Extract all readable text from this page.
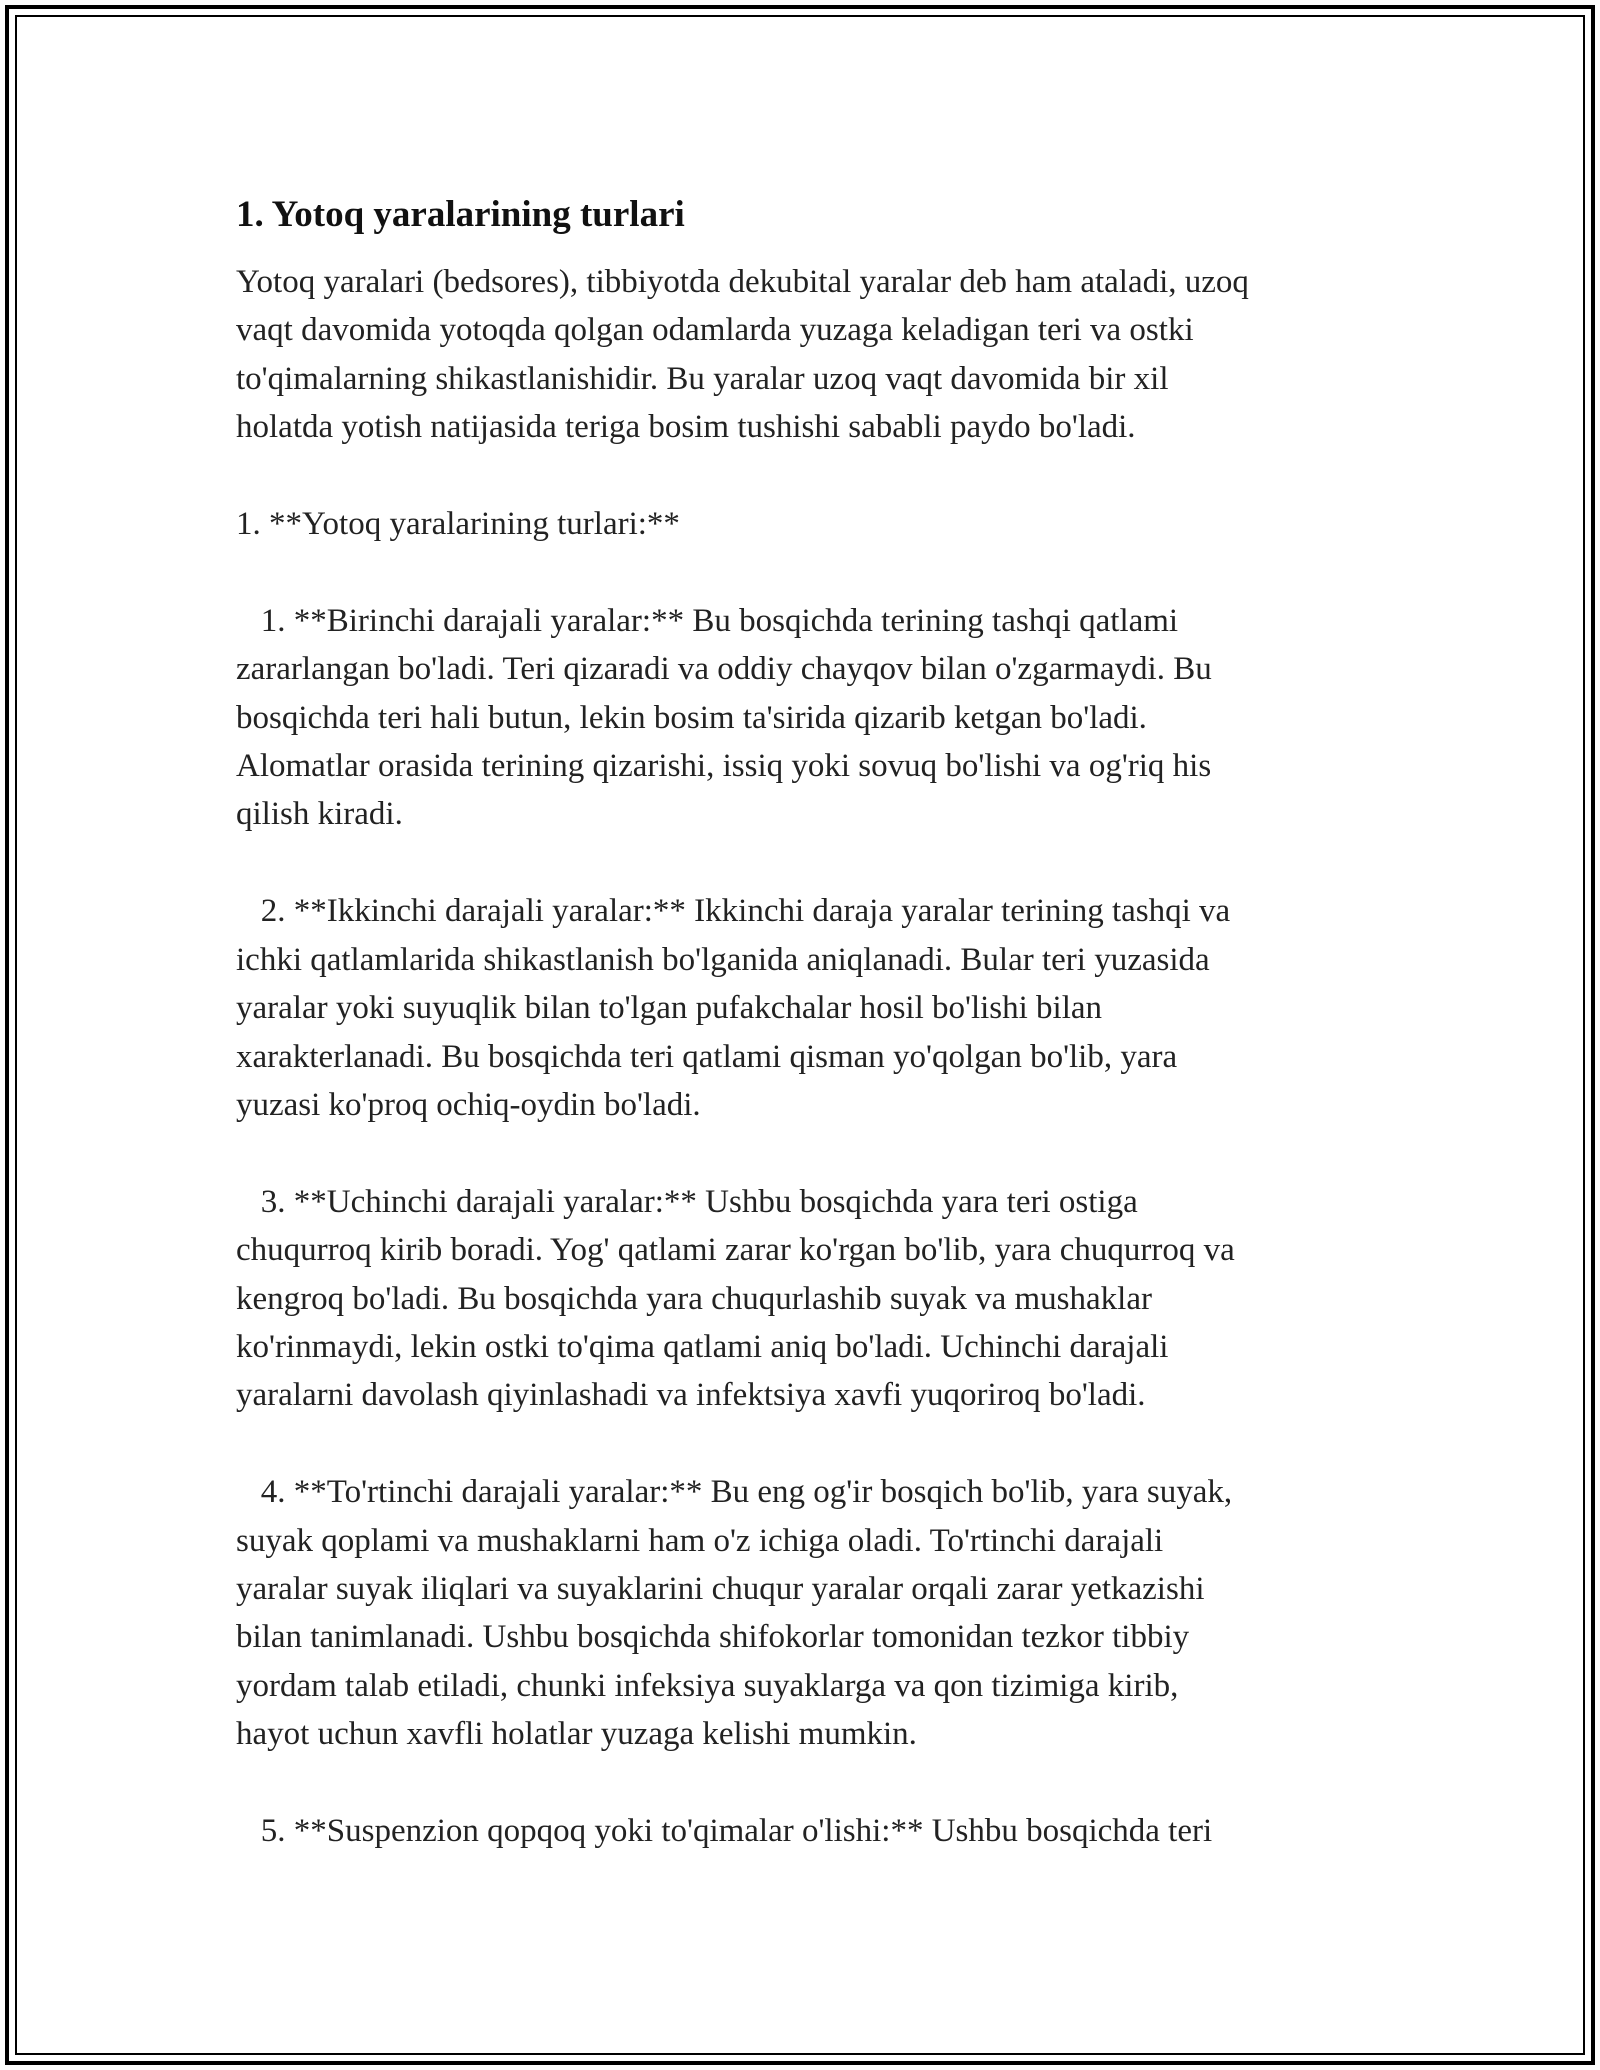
1. Yotoq yaralarining turlari

Yotoq yaralari (bedsores), tibbiyotda dekubital yaralar deb ham ataladi, uzoq
vaqt davomida yotoqda qolgan odamlarda yuzaga keladigan teri va ostki
to'qimalarning shikastlanishidir. Bu yaralar uzoq vaqt davomida bir xil
holatda yotish natijasida teriga bosim tushishi sababli paydo bo'ladi.

1. **Yotoq yaralarining turlari:**

1. **Birinchi darajali yaralar:** Bu bosqichda terining tashqi qatlami
zararlangan bo'ladi. Teri qizaradi va oddiy chayqov bilan o'zgarmaydi. Bu
bosqichda teri hali butun, lekin bosim ta'sirida qizarib ketgan bo'ladi.
Alomatlar orasida terining qizarishi, issiq yoki sovuq bo'lishi va og'riq his
qilish kiradi.

2. **Ikkinchi darajali yaralar:** Ikkinchi daraja yaralar terining tashqi va
ichki qatlamlarida shikastlanish bo'lganida aniqlanadi. Bular teri yuzasida
yaralar yoki suyuqlik bilan to'lgan pufakchalar hosil bo'lishi bilan
xarakterlanadi. Bu bosqichda teri qatlami qisman yo'qolgan bo'lib, yara
yuzasi ko'proq ochiq-oydin bo'ladi.

3. **Uchinchi darajali yaralar:** Ushbu bosqichda yara teri ostiga
chuqurroq kirib boradi. Yog' qatlami zarar ko'rgan bo'lib, yara chuqurroq va
kengroq bo'ladi. Bu bosqichda yara chuqurlashib suyak va mushaklar
ko'rinmaydi, lekin ostki to'qima qatlami aniq bo'ladi. Uchinchi darajali
yaralarni davolash qiyinlashadi va infektsiya xavfi yuqoriroq bo'ladi.

4. **To'rtinchi darajali yaralar:** Bu eng og'ir bosqich bo'lib, yara suyak,
suyak qoplami va mushaklarni ham o'z ichiga oladi. To'rtinchi darajali
yaralar suyak iliqlari va suyaklarini chuqur yaralar orqali zarar yetkazishi
bilan tanimlanadi. Ushbu bosqichda shifokorlar tomonidan tezkor tibbiy
yordam talab etiladi, chunki infeksiya suyaklarga va qon tizimiga kirib,
hayot uchun xavfli holatlar yuzaga kelishi mumkin.

5. **Suspenzion qopqoq yoki to'qimalar o'lishi:** Ushbu bosqichda teri
